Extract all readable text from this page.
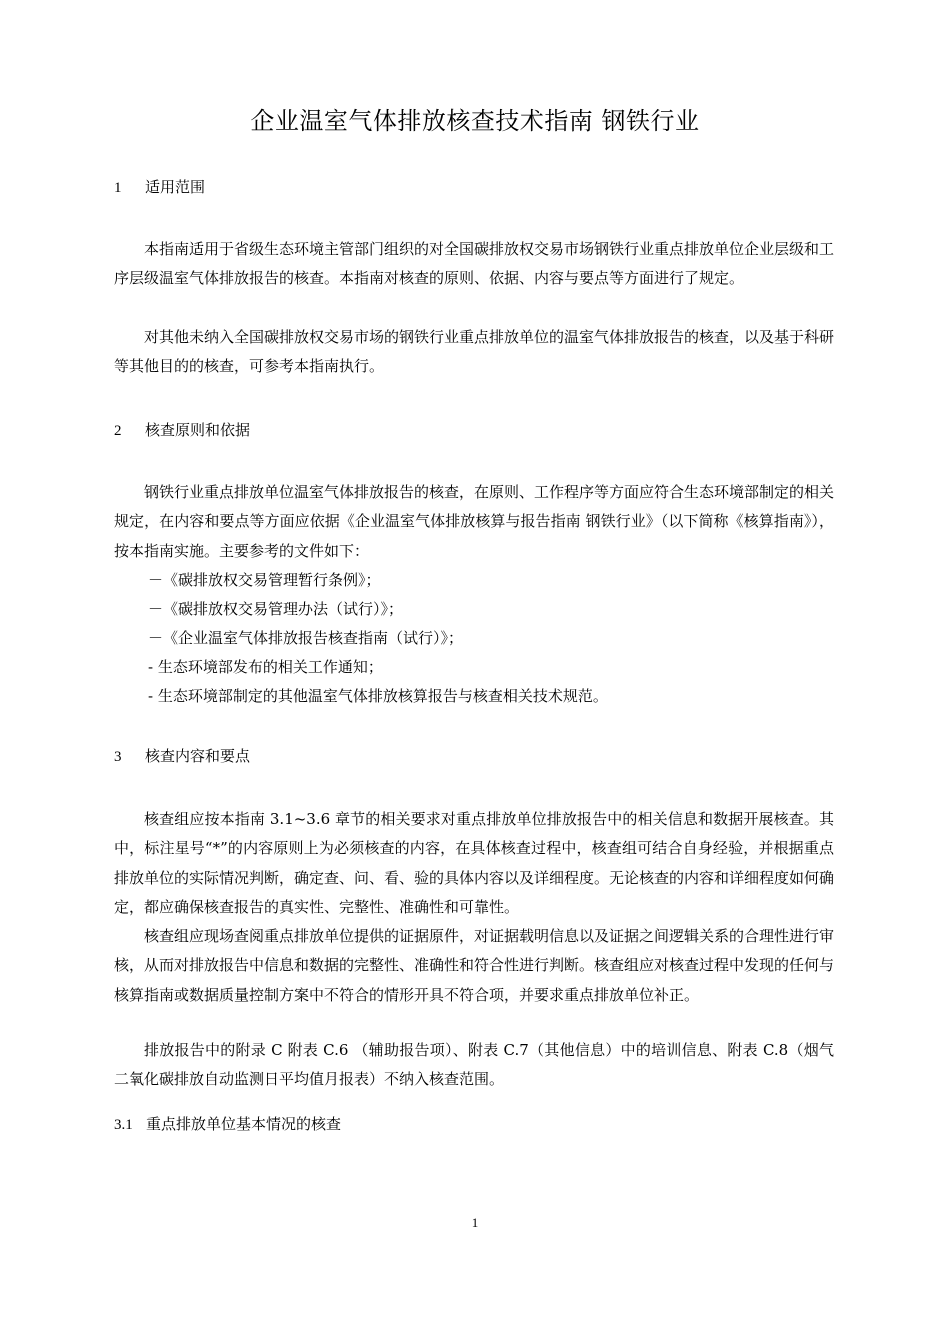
企业温室气体排放核查技术指南 钢铁行业
1 适用范围
本指南适用于省级生态环境主管部门组织的对全国碳排放权交易市场钢铁行业重点排放单位企业层级和工序层级温室气体排放报告的核查。本指南对核查的原则、依据、内容与要点等方面进行了规定。
对其他未纳入全国碳排放权交易市场的钢铁行业重点排放单位的温室气体排放报告的核查，以及基于科研等其他目的的核查，可参考本指南执行。
2 核查原则和依据
钢铁行业重点排放单位温室气体排放报告的核查，在原则、工作程序等方面应符合生态环境部制定的相关规定，在内容和要点等方面应依据《企业温室气体排放核算与报告指南 钢铁行业》（以下简称《核算指南》），按本指南实施。主要参考的文件如下：
－《碳排放权交易管理暂行条例》；
－《碳排放权交易管理办法（试行）》；
－《企业温室气体排放报告核查指南（试行）》；
- 生态环境部发布的相关工作通知；
- 生态环境部制定的其他温室气体排放核算报告与核查相关技术规范。
3 核查内容和要点
核查组应按本指南 3.1~3.6 章节的相关要求对重点排放单位排放报告中的相关信息和数据开展核查。其中，标注星号“*”的内容原则上为必须核查的内容，在具体核查过程中，核查组可结合自身经验，并根据重点排放单位的实际情况判断，确定查、问、看、验的具体内容以及详细程度。无论核查的内容和详细程度如何确定，都应确保核查报告的真实性、完整性、准确性和可靠性。
核查组应现场查阅重点排放单位提供的证据原件，对证据载明信息以及证据之间逻辑关系的合理性进行审核，从而对排放报告中信息和数据的完整性、准确性和符合性进行判断。核查组应对核查过程中发现的任何与核算指南或数据质量控制方案中不符合的情形开具不符合项，并要求重点排放单位补正。
排放报告中的附录 C 附表 C.6 （辅助报告项）、附表 C.7（其他信息）中的培训信息、附表 C.8（烟气二氧化碳排放自动监测日平均值月报表）不纳入核查范围。
3.1 重点排放单位基本情况的核查
1
